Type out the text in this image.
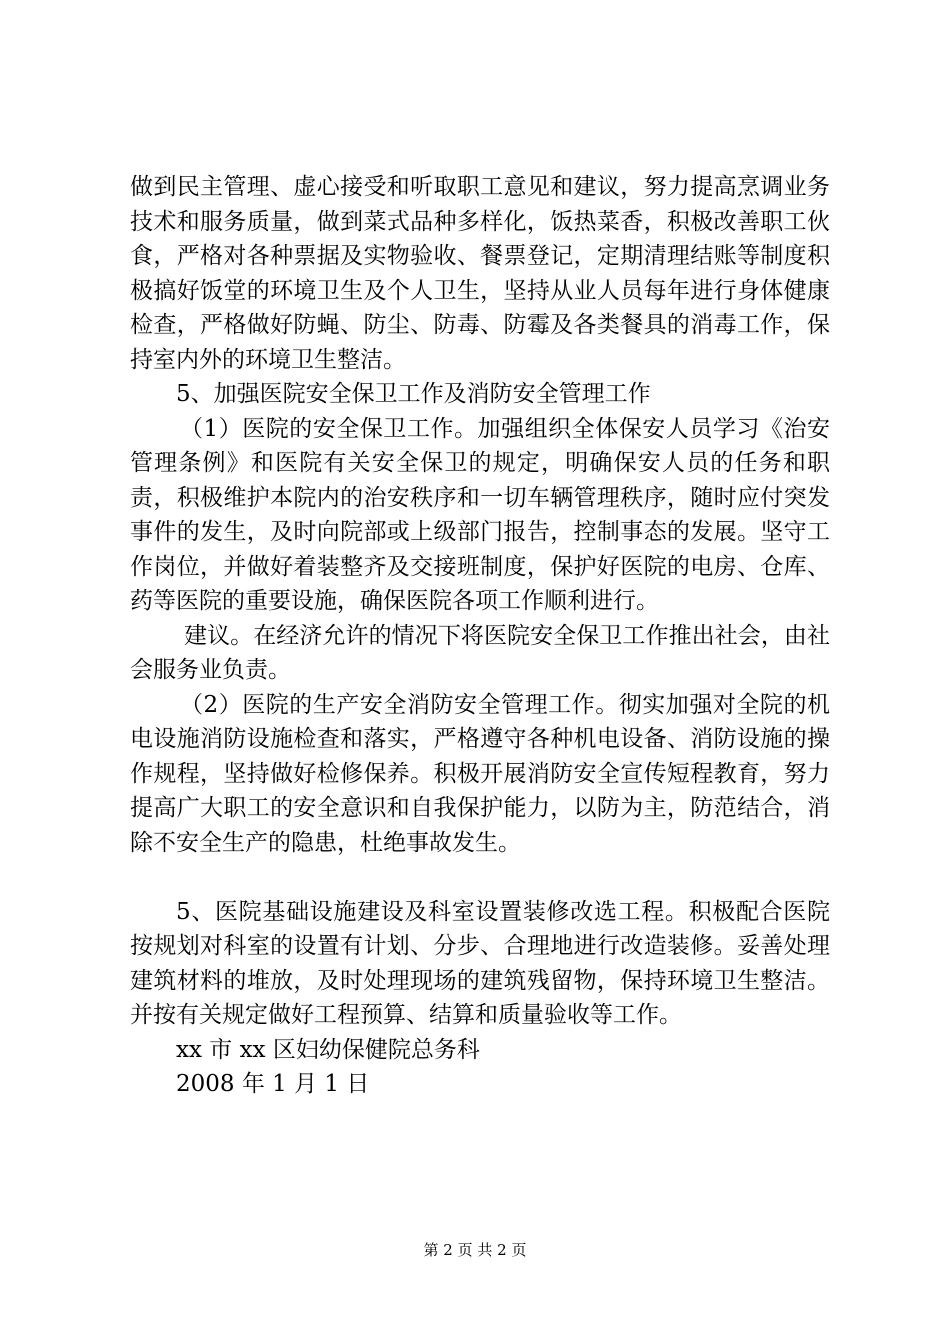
做到民主管理、虚心接受和听取职工意见和建议，努力提高烹调业务技术和服务质量，做到菜式品种多样化，饭热菜香，积极改善职工伙食，严格对各种票据及实物验收、餐票登记，定期清理结账等制度积极搞好饭堂的环境卫生及个人卫生，坚持从业人员每年进行身体健康检查，严格做好防蝇、防尘、防毒、防霉及各类餐具的消毒工作，保持室内外的环境卫生整洁。

5、加强医院安全保卫工作及消防安全管理工作

（1）医院的安全保卫工作。加强组织全体保安人员学习《治安管理条例》和医院有关安全保卫的规定，明确保安人员的任务和职责，积极维护本院内的治安秩序和一切车辆管理秩序，随时应付突发事件的发生，及时向院部或上级部门报告，控制事态的发展。坚守工作岗位，并做好着装整齐及交接班制度，保护好医院的电房、仓库、药等医院的重要设施，确保医院各项工作顺利进行。

建议。在经济允许的情况下将医院安全保卫工作推出社会，由社会服务业负责。

（2）医院的生产安全消防安全管理工作。彻实加强对全院的机电设施消防设施检查和落实，严格遵守各种机电设备、消防设施的操作规程，坚持做好检修保养。积极开展消防安全宣传短程教育，努力提高广大职工的安全意识和自我保护能力，以防为主，防范结合，消除不安全生产的隐患，杜绝事故发生。

5、医院基础设施建设及科室设置装修改选工程。积极配合医院按规划对科室的设置有计划、分步、合理地进行改造装修。妥善处理建筑材料的堆放，及时处理现场的建筑残留物，保持环境卫生整洁。并按有关规定做好工程预算、结算和质量验收等工作。

xx 市 xx 区妇幼保健院总务科

2008 年 1 月 1 日

第 2 页 共 2 页
